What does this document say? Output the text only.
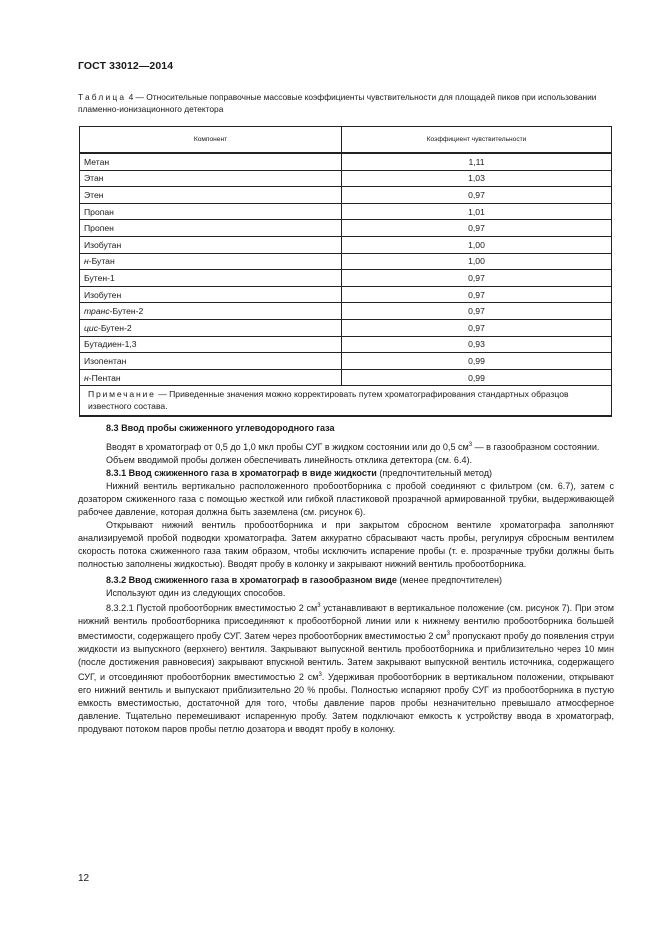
ГОСТ 33012—2014
Таблица 4 — Относительные поправочные массовые коэффициенты чувствительности для площадей пиков при использовании пламенно-ионизационного детектора
Компонент	Коэффициент чувствительности
Метан	1,11
Этан	1,03
Этен	0,97
Пропан	1,01
Пропен	0,97
Изобутан	1,00
н-Бутан	1,00
Бутен-1	0,97
Изобутен	0,97
транс-Бутен-2	0,97
цис-Бутен-2	0,97
Бутадиен-1,3	0,93
Изопентан	0,99
н-Пентан	0,99
Примечание — Приведенные значения можно корректировать путем хроматографирования стандартных образцов известного состава.	

8.3 Ввод пробы сжиженного углеводородного газа

Вводят в хроматограф от 0,5 до 1,0 мкл пробы СУГ в жидком состоянии или до 0,5 $см^3$ — в газообразном состоянии.

Объем вводимой пробы должен обеспечивать линейность отклика детектора (см. 6.4).

8.3.1 Ввод сжиженного газа в хроматограф в виде жидкости (предпочтительный метод)

Нижний вентиль вертикально расположенного пробоотборника с пробой соединяют с фильтром (см. 6.7), затем с дозатором сжиженного газа с помощью жесткой или гибкой пластиковой прозрачной армированной трубки, выдерживающей рабочее давление, которая должна быть заземлена (см. рисунок 6).

Открывают нижний вентиль пробоотборника и при закрытом сбросном вентиле хроматографа заполняют анализируемой пробой подводки хроматографа. Затем аккуратно сбрасывают часть пробы, регулируя сбросным вентилем скорость потока сжиженного газа таким образом, чтобы исключить испарение пробы (т. е. прозрачные трубки должны быть полностью заполнены жидкостью). Вводят пробу в колонку и закрывают нижний вентиль пробоотборника.

8.3.2 Ввод сжиженного газа в хроматограф в газообразном виде (менее предпочтителен)

Используют один из следующих способов.

8.3.2.1 Пустой пробоотборник вместимостью 2 $см^3$ устанавливают в вертикальное положение (см. рисунок 7). При этом нижний вентиль пробоотборника присоединяют к пробоотборной линии или к нижнему вентилю пробоотборника большей вместимости, содержащего пробу СУГ. Затем через пробоотборник вместимостью 2 $см^3$ пропускают пробу до появления струи жидкости из выпускного (верхнего) вентиля. Закрывают выпускной вентиль пробоотборника и приблизительно через 10 мин (после достижения равновесия) закрывают впускной вентиль. Затем закрывают выпускной вентиль источника, содержащего СУГ, и отсоединяют пробоотборник вместимостью 2 $см^3$. Удерживая пробоотборник в вертикальном положении, открывают его нижний вентиль и выпускают приблизительно 20 % пробы. Полностью испаряют пробу СУГ из пробоотборника в пустую емкость вместимостью, достаточной для того, чтобы давление паров пробы незначительно превышало атмосферное давление. Тщательно перемешивают испаренную пробу. Затем подключают емкость к устройству ввода в хроматограф, продувают потоком паров пробы петлю дозатора и вводят пробу в колонку.

12
